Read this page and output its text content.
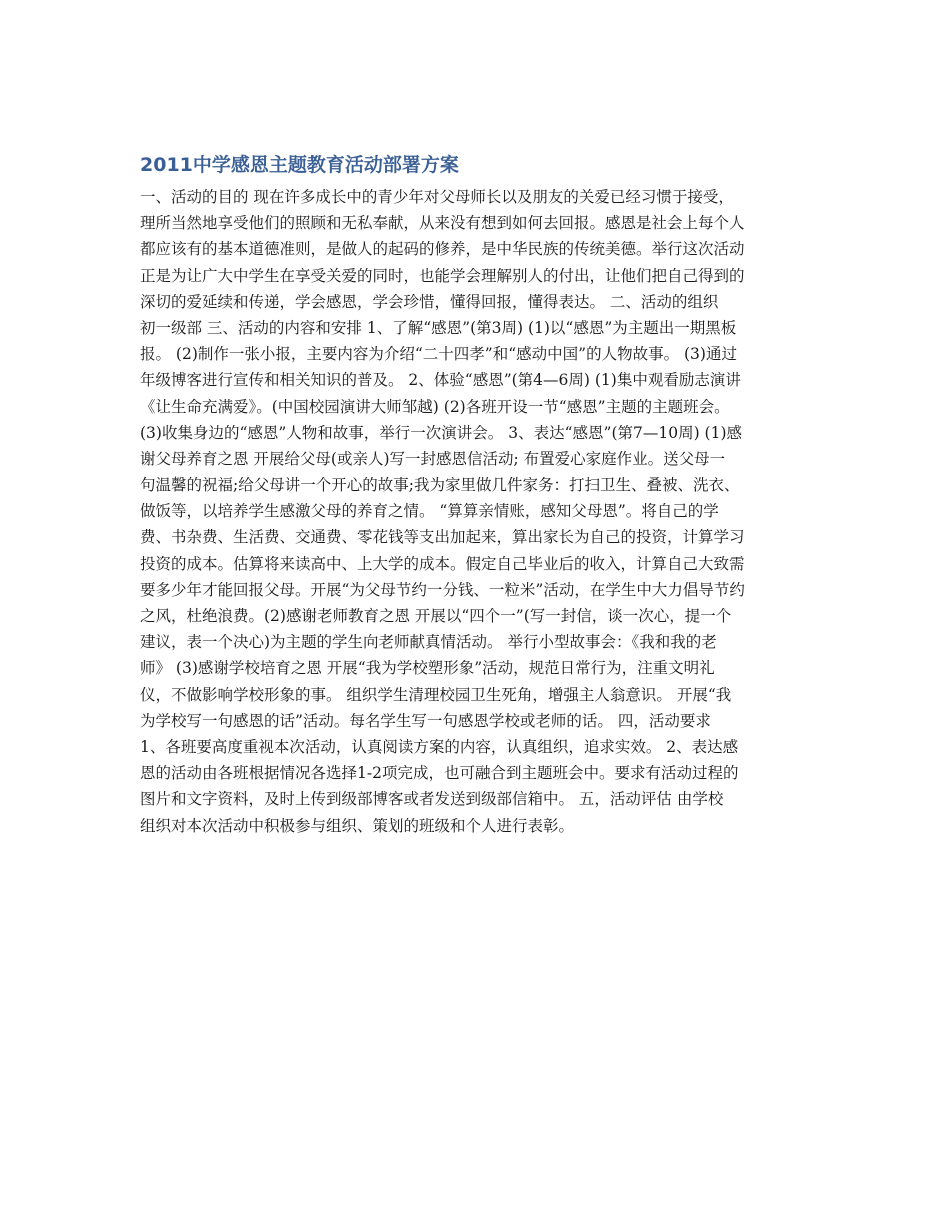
2011中学感恩主题教育活动部署方案
一、活动的目的 现在许多成长中的青少年对父母师长以及朋友的关爱已经习惯于接受，
理所当然地享受他们的照顾和无私奉献，从来没有想到如何去回报。感恩是社会上每个人
都应该有的基本道德准则，是做人的起码的修养，是中华民族的传统美德。举行这次活动
正是为让广大中学生在享受关爱的同时，也能学会理解别人的付出，让他们把自己得到的
深切的爱延续和传递，学会感恩，学会珍惜，懂得回报，懂得表达。 二、活动的组织
初一级部 三、活动的内容和安排 1、了解“感恩”(第3周) (1)以“感恩”为主题出一期黑板
报。 (2)制作一张小报，主要内容为介绍“二十四孝”和“感动中国”的人物故事。 (3)通过
年级博客进行宣传和相关知识的普及。 2、体验“感恩”(第4—6周) (1)集中观看励志演讲
《让生命充满爱》。(中国校园演讲大师邹越) (2)各班开设一节“感恩”主题的主题班会。
(3)收集身边的“感恩”人物和故事，举行一次演讲会。 3、表达“感恩”(第7—10周) (1)感
谢父母养育之恩 开展给父母(或亲人)写一封感恩信活动; 布置爱心家庭作业。送父母一
句温馨的祝福;给父母讲一个开心的故事;我为家里做几件家务：打扫卫生、叠被、洗衣、
做饭等，以培养学生感激父母的养育之情。 “算算亲情账，感知父母恩”。将自己的学
费、书杂费、生活费、交通费、零花钱等支出加起来，算出家长为自己的投资，计算学习
投资的成本。估算将来读高中、上大学的成本。假定自己毕业后的收入，计算自己大致需
要多少年才能回报父母。开展“为父母节约一分钱、一粒米”活动，在学生中大力倡导节约
之风，杜绝浪费。(2)感谢老师教育之恩 开展以“四个一”(写一封信，谈一次心，提一个
建议，表一个决心)为主题的学生向老师献真情活动。 举行小型故事会：《我和我的老
师》 (3)感谢学校培育之恩 开展“我为学校塑形象”活动，规范日常行为，注重文明礼
仪，不做影响学校形象的事。 组织学生清理校园卫生死角，增强主人翁意识。 开展“我
为学校写一句感恩的话”活动。每名学生写一句感恩学校或老师的话。 四，活动要求
1、各班要高度重视本次活动，认真阅读方案的内容，认真组织，追求实效。 2、表达感
恩的活动由各班根据情况各选择1-2项完成，也可融合到主题班会中。要求有活动过程的
图片和文字资料，及时上传到级部博客或者发送到级部信箱中。 五，活动评估 由学校
组织对本次活动中积极参与组织、策划的班级和个人进行表彰。
